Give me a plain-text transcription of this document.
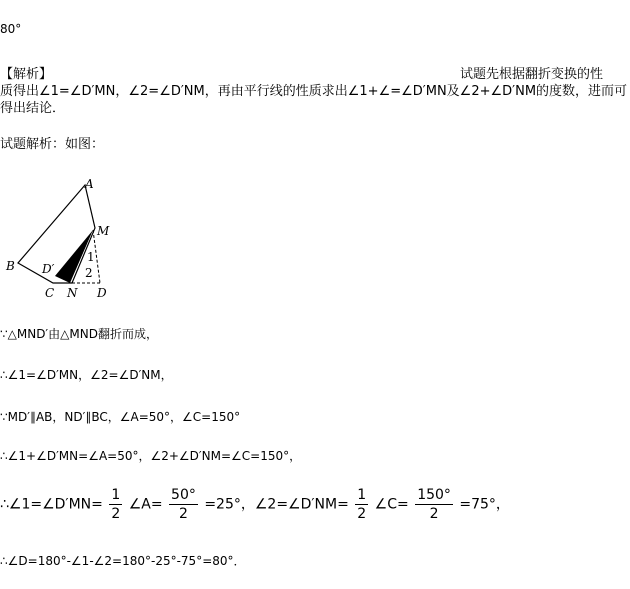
80°
【解析】	试题先根据翻折变换的性
质得出∠1=∠D′MN，∠2=∠D′NM，再由平行线的性质求出∠1+∠=∠D′MN及∠2+∠D′NM的度数，进而可
得出结论．
试题解析：如图：
A
B
C	D
M
N
D′
1
2
∵△MND′由△MND翻折而成，
∴∠1=∠D′MN，∠2=∠D′NM，
∵MD′∥AB，ND′∥BC，∠A=50°，∠C=150°
∴∠1+∠D′MN=∠A=50°，∠2+∠D′NM=∠C=150°，
∴∠1=∠D′MN= $\frac{1}{2}$ ∠A= $\frac{50^\circ}{2} =25^\circ$，∠2=∠D′NM= $\frac{1}{2}$ ∠C= $\frac{150^\circ}{2} =75^\circ$，
∴∠D=180°-∠1-∠2=180°-25°-75°=80°．
